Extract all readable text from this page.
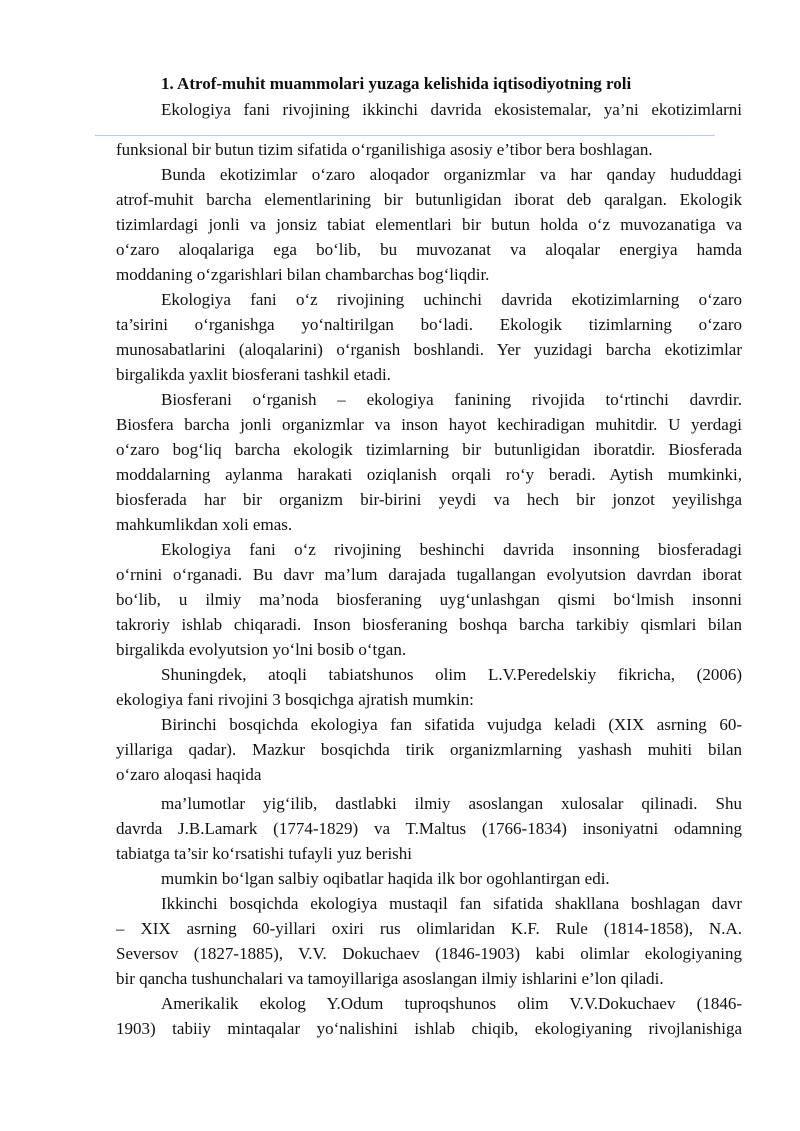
1. Atrof-muhit muammolari yuzaga kelishida iqtisodiyotning roli
Ekologiya fani rivojining ikkinchi davrida ekosistemalar, ya’ni ekotizimlarni
funksional bir butun tizim sifatida o‘rganilishiga asosiy e’tibor bera boshlagan.
Bunda ekotizimlar o‘zaro aloqador organizmlar va har qanday hududdagi
atrof-muhit barcha elementlarining bir butunligidan iborat deb qaralgan. Ekologik
tizimlardagi jonli va jonsiz tabiat elementlari bir butun holda o‘z muvozanatiga va
o‘zaro aloqalariga ega bo‘lib, bu muvozanat va aloqalar energiya hamda
moddaning o‘zgarishlari bilan chambarchas bog‘liqdir.
Ekologiya fani o‘z rivojining uchinchi davrida ekotizimlarning o‘zaro
ta’sirini o‘rganishga yo‘naltirilgan bo‘ladi. Ekologik tizimlarning o‘zaro
munosabatlarini (aloqalarini) o‘rganish boshlandi. Yer yuzidagi barcha ekotizimlar
birgalikda yaxlit biosferani tashkil etadi.
Biosferani o‘rganish – ekologiya fanining rivojida to‘rtinchi davrdir.
Biosfera barcha jonli organizmlar va inson hayot kechiradigan muhitdir. U yerdagi
o‘zaro bog‘liq barcha ekologik tizimlarning bir butunligidan iboratdir. Biosferada
moddalarning aylanma harakati oziqlanish orqali ro‘y beradi. Aytish mumkinki,
biosferada har bir organizm bir-birini yeydi va hech bir jonzot yeyilishga
mahkumlikdan xoli emas.
Ekologiya fani o‘z rivojining beshinchi davrida insonning biosferadagi
o‘rnini o‘rganadi. Bu davr ma’lum darajada tugallangan evolyutsion davrdan iborat
bo‘lib, u ilmiy ma’noda biosferaning uyg‘unlashgan qismi bo‘lmish insonni
takroriy ishlab chiqaradi. Inson biosferaning boshqa barcha tarkibiy qismlari bilan
birgalikda evolyutsion yo‘lni bosib o‘tgan.
Shuningdek, atoqli tabiatshunos olim L.V.Peredelskiy fikricha, (2006)
ekologiya fani rivojini 3 bosqichga ajratish mumkin:
Birinchi bosqichda ekologiya fan sifatida vujudga keladi (XIX asrning 60-
yillariga qadar). Mazkur bosqichda tirik organizmlarning yashash muhiti bilan
o‘zaro aloqasi haqida
ma’lumotlar yig‘ilib, dastlabki ilmiy asoslangan xulosalar qilinadi. Shu
davrda J.B.Lamark (1774-1829) va T.Maltus (1766-1834) insoniyatni odamning
tabiatga ta’sir ko‘rsatishi tufayli yuz berishi
mumkin bo‘lgan salbiy oqibatlar haqida ilk bor ogohlantirgan edi.
Ikkinchi bosqichda ekologiya mustaqil fan sifatida shakllana boshlagan davr
– XIX asrning 60-yillari oxiri rus olimlaridan K.F. Rule (1814-1858), N.A.
Seversov (1827-1885), V.V. Dokuchaev (1846-1903) kabi olimlar ekologiyaning
bir qancha tushunchalari va tamoyillariga asoslangan ilmiy ishlarini e’lon qiladi.
Amerikalik ekolog Y.Odum tuproqshunos olim V.V.Dokuchaev (1846-
1903) tabiiy mintaqalar yo‘nalishini ishlab chiqib, ekologiyaning rivojlanishiga
